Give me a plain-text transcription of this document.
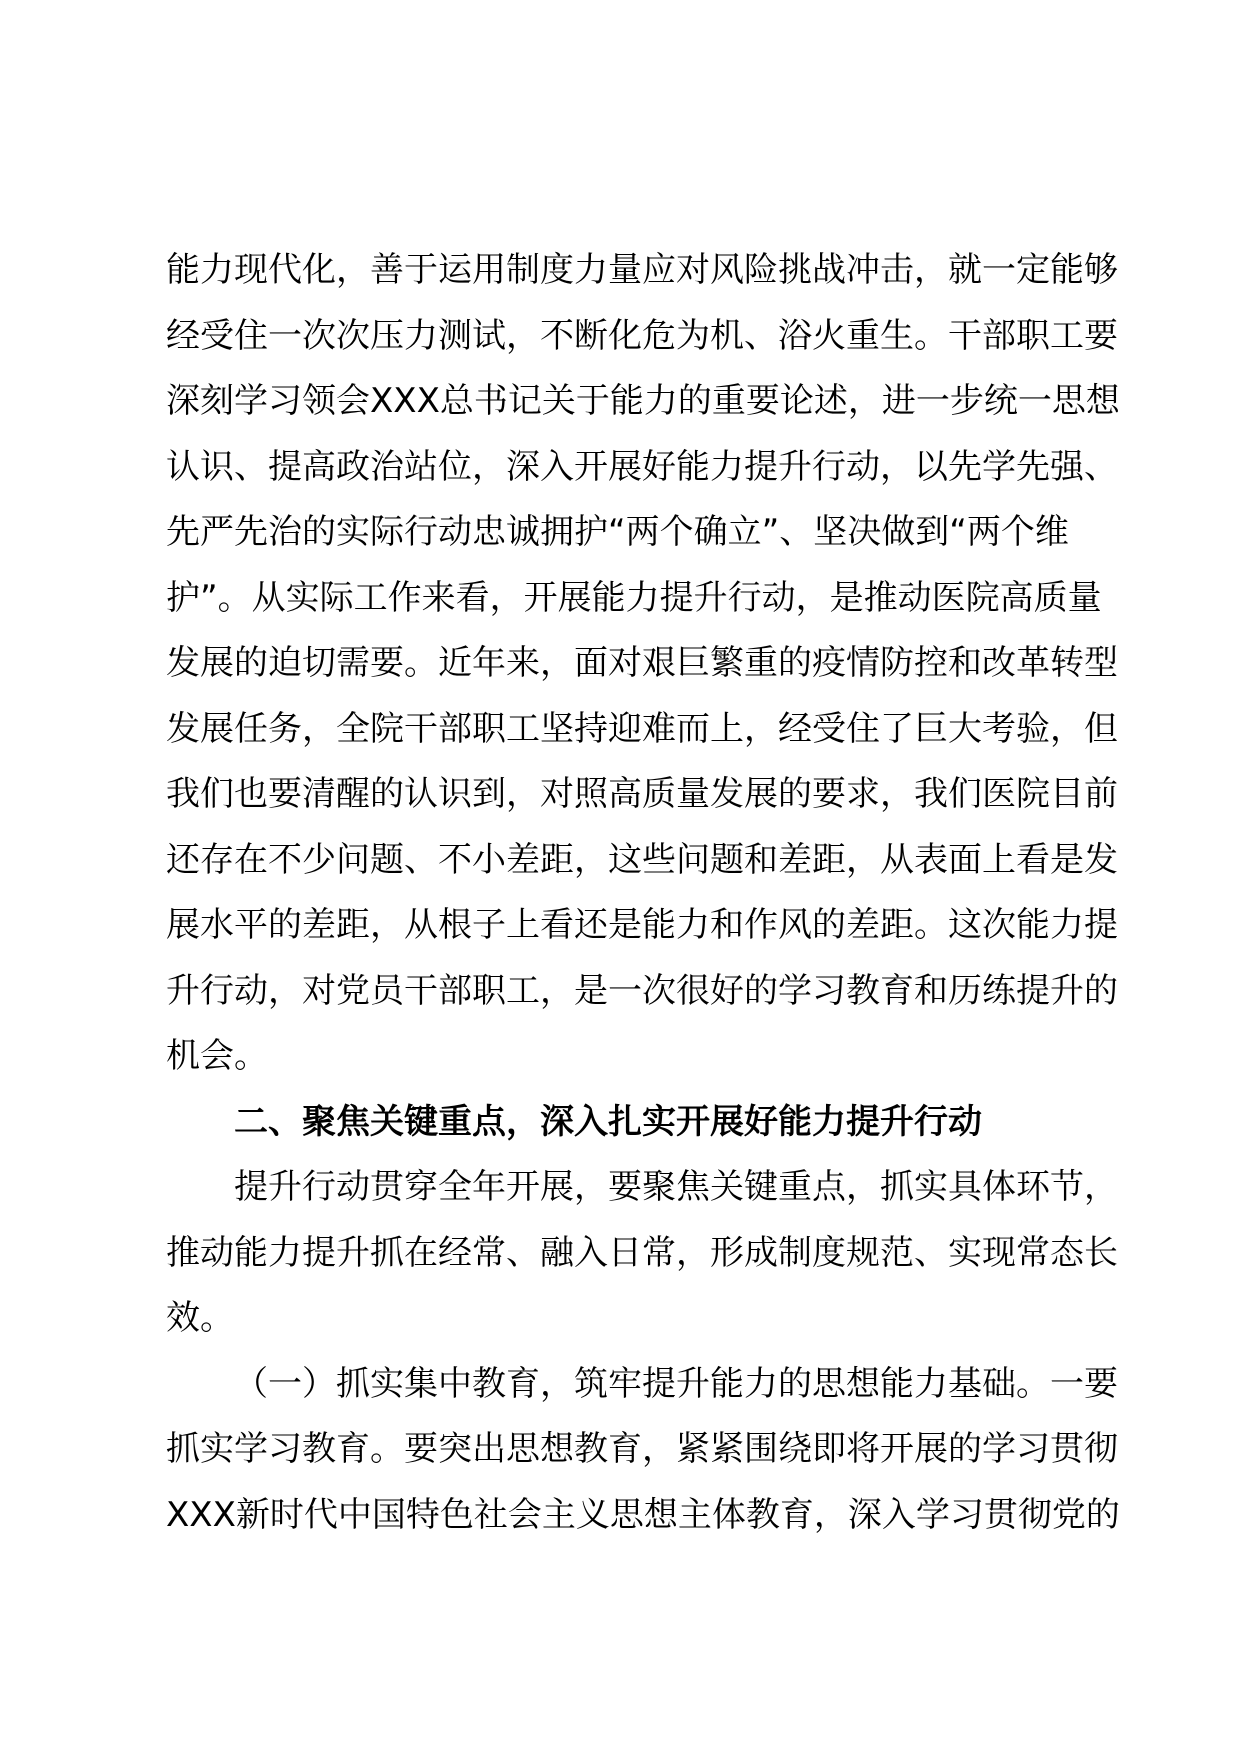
能力现代化，善于运用制度力量应对风险挑战冲击，就一定能够
经受住一次次压力测试，不断化危为机、浴火重生。干部职工要
深刻学习领会XXX总书记关于能力的重要论述，进一步统一思想
认识、提高政治站位，深入开展好能力提升行动，以先学先强、
先严先治的实际行动忠诚拥护“两个确立”、坚决做到“两个维
护”。从实际工作来看，开展能力提升行动，是推动医院高质量
发展的迫切需要。近年来，面对艰巨繁重的疫情防控和改革转型
发展任务，全院干部职工坚持迎难而上，经受住了巨大考验，但
我们也要清醒的认识到，对照高质量发展的要求，我们医院目前
还存在不少问题、不小差距，这些问题和差距，从表面上看是发
展水平的差距，从根子上看还是能力和作风的差距。这次能力提
升行动，对党员干部职工，是一次很好的学习教育和历练提升的
机会。
二、聚焦关键重点，深入扎实开展好能力提升行动
提升行动贯穿全年开展，要聚焦关键重点，抓实具体环节，
推动能力提升抓在经常、融入日常，形成制度规范、实现常态长
效。
（一）抓实集中教育，筑牢提升能力的思想能力基础。一要
抓实学习教育。要突出思想教育，紧紧围绕即将开展的学习贯彻
XXX新时代中国特色社会主义思想主体教育，深入学习贯彻党的
